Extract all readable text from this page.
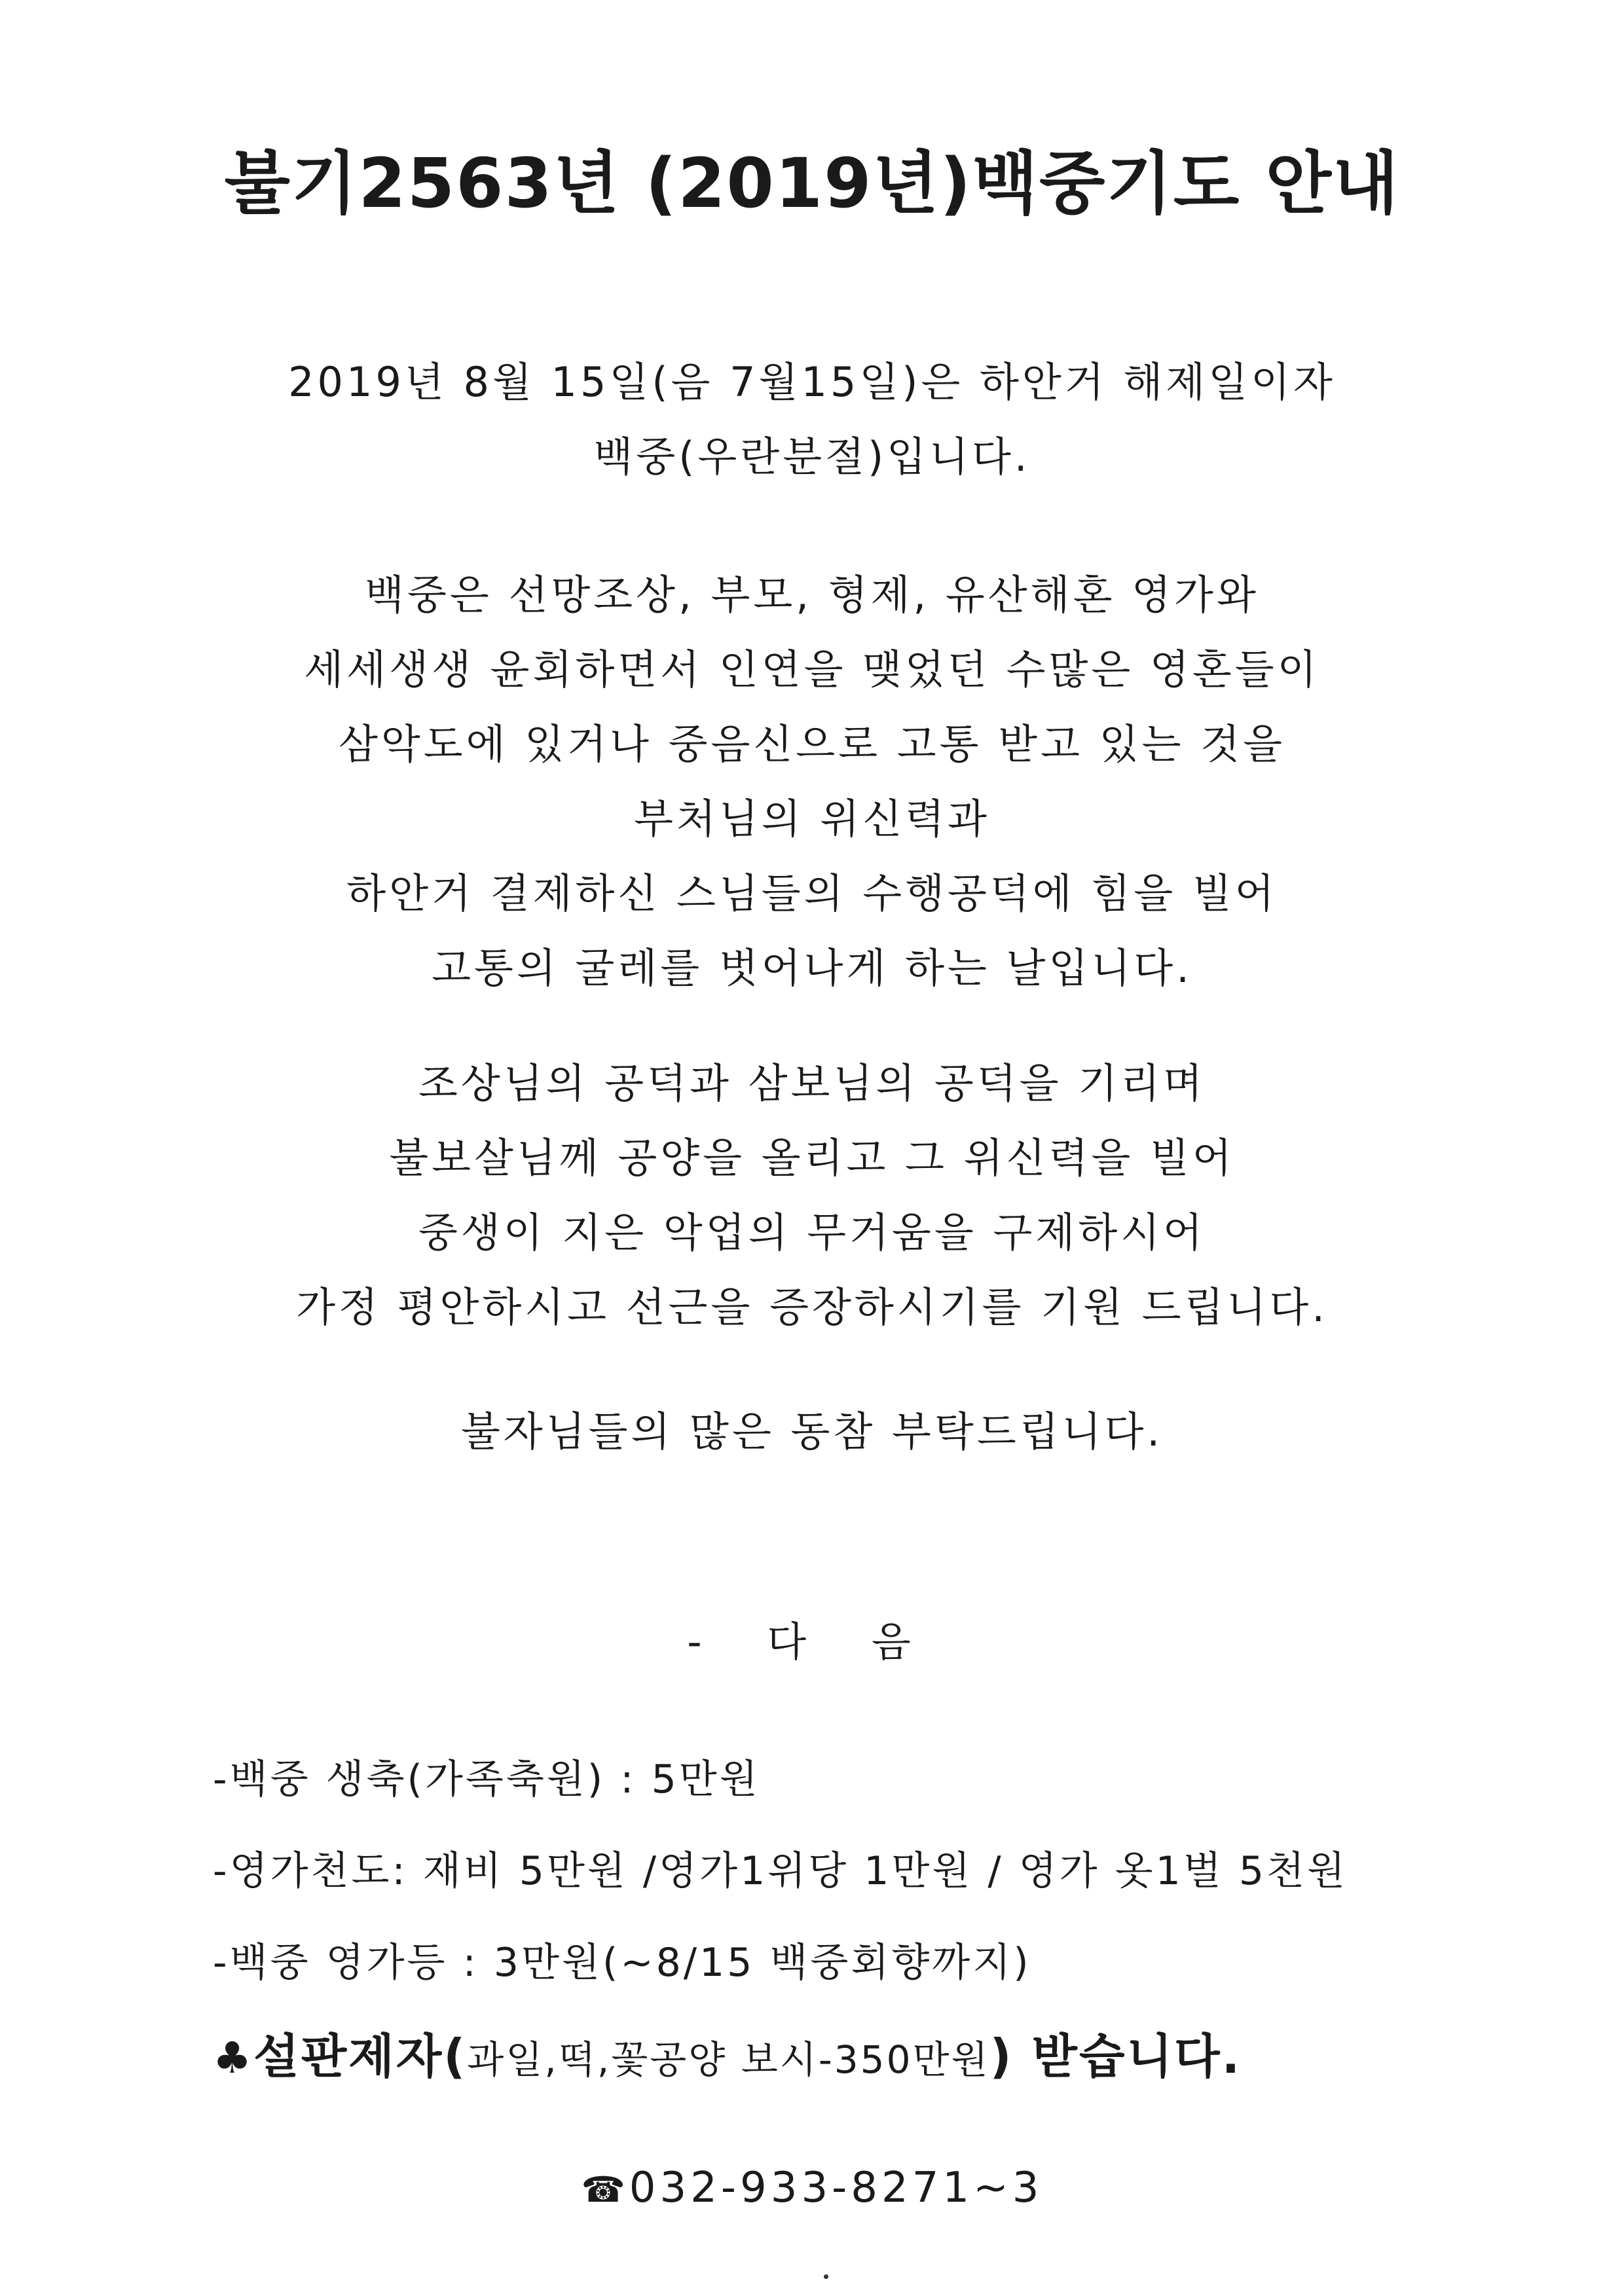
불기2563년 (2019년)백중기도 안내
2019년 8월 15일(음 7월15일)은 하안거 해제일이자
백중(우란분절)입니다.
백중은 선망조상, 부모, 형제, 유산해혼 영가와
세세생생 윤회하면서 인연을 맺었던 수많은 영혼들이
삼악도에 있거나 중음신으로 고통 받고 있는 것을
부처님의 위신력과
하안거 결제하신 스님들의 수행공덕에 힘을 빌어
고통의 굴레를 벗어나게 하는 날입니다.
조상님의 공덕과 삼보님의 공덕을 기리며
불보살님께 공양을 올리고 그 위신력을 빌어
중생이 지은 악업의 무거움을 구제하시어
가정 평안하시고 선근을 증장하시기를 기원 드립니다.
불자님들의 많은 동참 부탁드립니다.
- 다 음
-백중 생축(가족축원) : 5만원
-영가천도: 재비 5만원 /영가1위당 1만원 / 영가 옷1벌 5천원
-백중 영가등 : 3만원(~8/15 백중회향까지)
♣설판제자(과일,떡,꽃공양 보시-350만원) 받습니다.
☎032-933-8271~3
